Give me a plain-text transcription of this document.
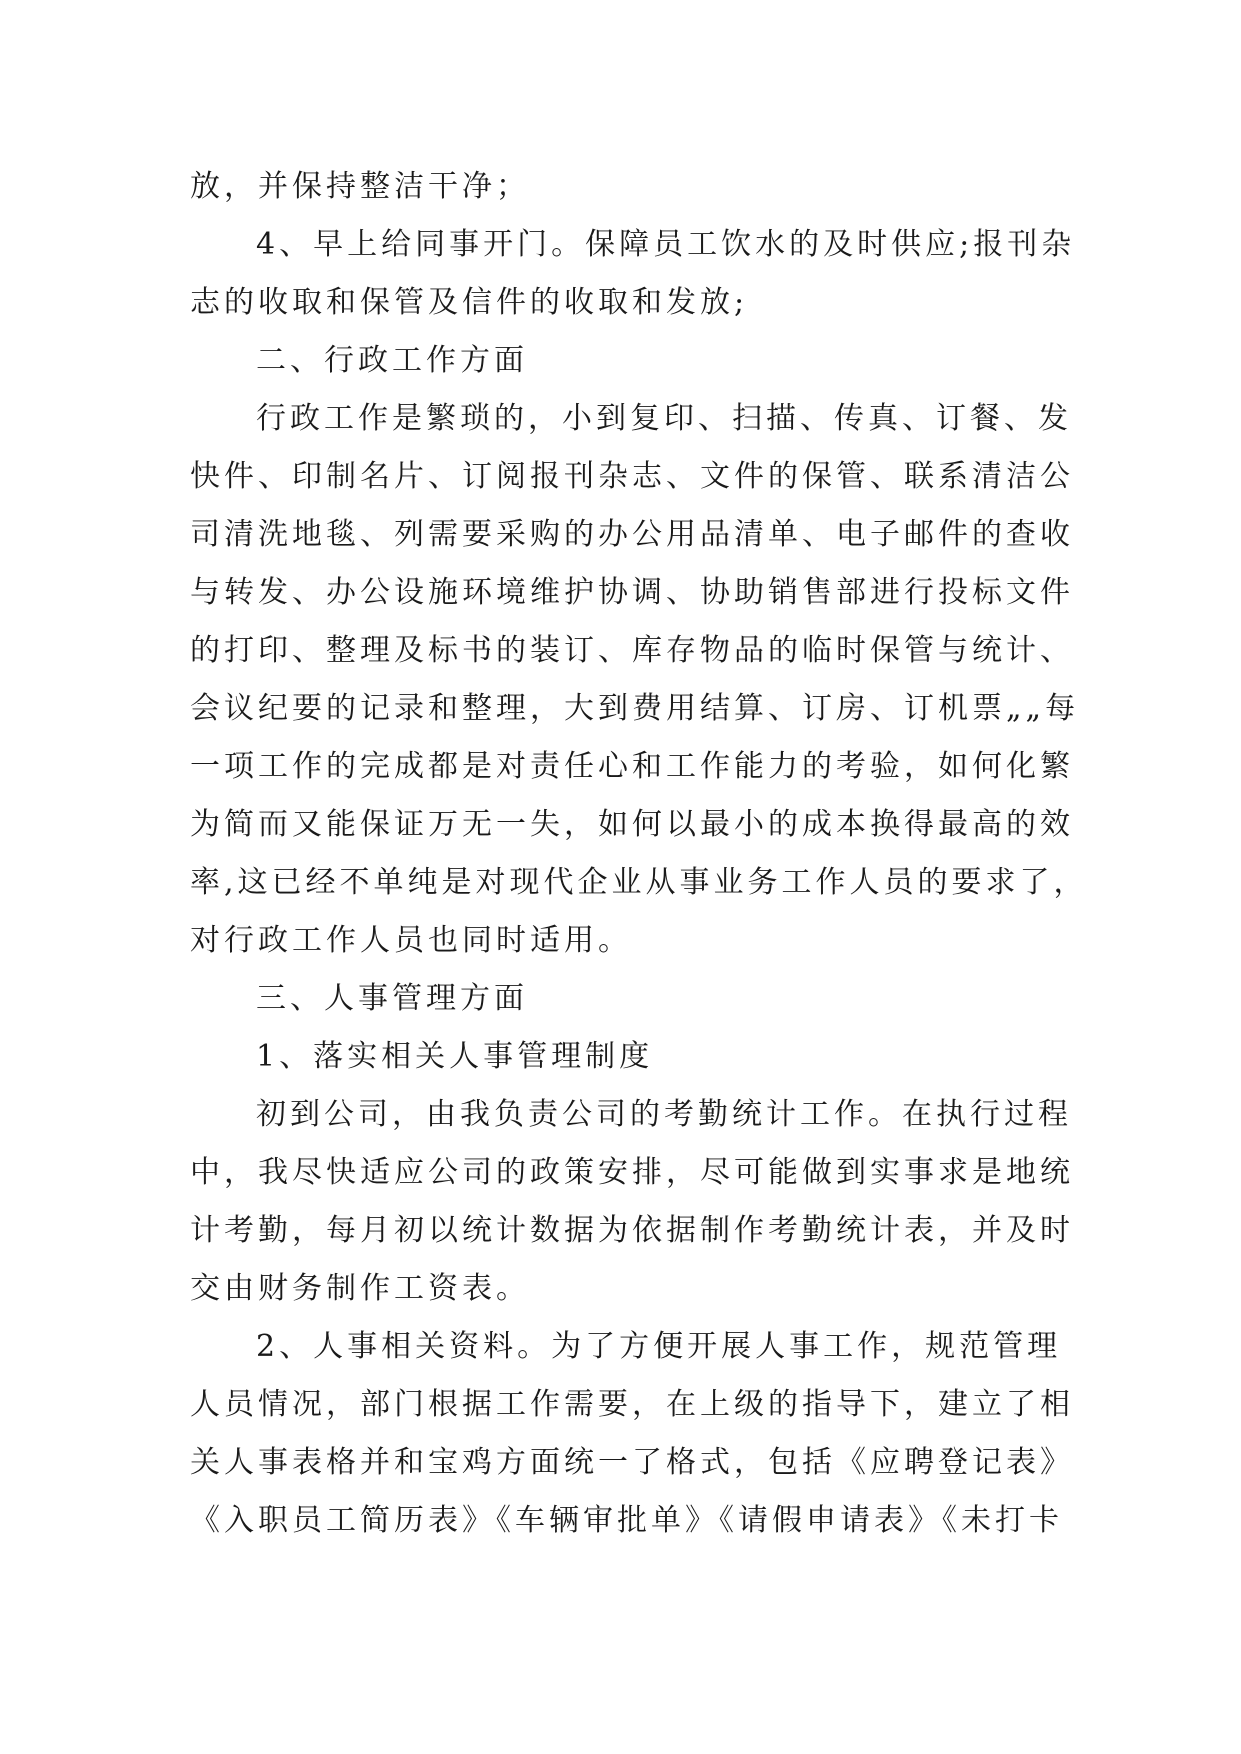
放，并保持整洁干净；
4、早上给同事开门。保障员工饮水的及时供应;报刊杂
志的收取和保管及信件的收取和发放;
二、行政工作方面
行政工作是繁琐的，小到复印、扫描、传真、订餐、发
快件、印制名片、订阅报刊杂志、文件的保管、联系清洁公
司清洗地毯、列需要采购的办公用品清单、电子邮件的查收
与转发、办公设施环境维护协调、协助销售部进行投标文件
的打印、整理及标书的装订、库存物品的临时保管与统计、
会议纪要的记录和整理，大到费用结算、订房、订机票„„每
一项工作的完成都是对责任心和工作能力的考验，如何化繁
为简而又能保证万无一失，如何以最小的成本换得最高的效
率,这已经不单纯是对现代企业从事业务工作人员的要求了，
对行政工作人员也同时适用。
三、人事管理方面
1、落实相关人事管理制度
初到公司，由我负责公司的考勤统计工作。在执行过程
中，我尽快适应公司的政策安排，尽可能做到实事求是地统
计考勤，每月初以统计数据为依据制作考勤统计表，并及时
交由财务制作工资表。
2、人事相关资料。为了方便开展人事工作，规范管理
人员情况，部门根据工作需要，在上级的指导下，建立了相
关人事表格并和宝鸡方面统一了格式，包括《应聘登记表》
《入职员工简历表》《车辆审批单》《请假申请表》《未打卡
